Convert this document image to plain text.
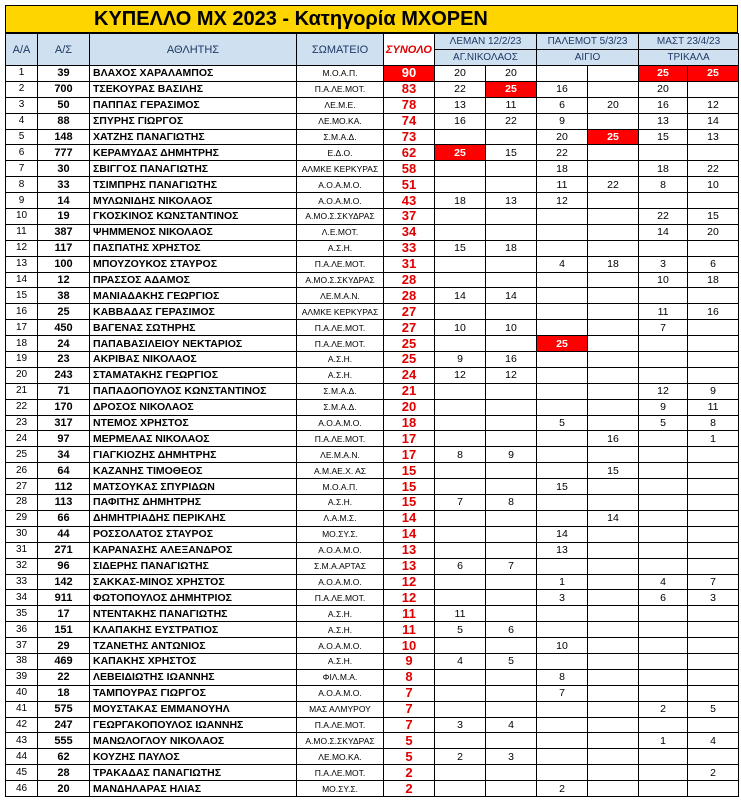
ΚΥΠΕΛΛΟ ΜΧ 2023 - Κατηγορία MXOPEN
Α/Α	Α/Σ	ΑΘΛΗΤΗΣ	ΣΩΜΑΤΕΙΟ	ΣΥΝΟΛΟ	ΛΕΜΑΝ 12/2/23		ΠΑΛΕΜΟΤ 5/3/23		ΜΑΣΤ 23/4/23	
					ΑΓ.ΝΙΚΟΛΑΟΣ		ΑΙΓΙΟ		ΤΡΙΚΑΛΑ	
1	39	ΒΛΑΧΟΣ ΧΑΡΑΛΑΜΠΟΣ	Μ.Ο.Α.Π.	90	20	20			25	25
2	700	ΤΣΕΚΟΥΡΑΣ ΒΑΣΙΛΗΣ	Π.Α.ΛΕ.ΜΟΤ.	83	22	25	16		20	
3	50	ΠΑΠΠΑΣ ΓΕΡΑΣΙΜΟΣ	ΛΕ.Μ.Ε.	78	13	11	6	20	16	12
4	88	ΣΠΥΡΗΣ ΓΙΩΡΓΟΣ	ΛΕ.ΜΟ.ΚΑ.	74	16	22	9		13	14
5	148	ΧΑΤΖΗΣ ΠΑΝΑΓΙΩΤΗΣ	Σ.Μ.Α.Δ.	73			20	25	15	13
6	777	ΚΕΡΑΜΥΔΑΣ ΔΗΜΗΤΡΗΣ	Ε.Δ.Ο.	62	25	15	22			
7	30	ΣΒΙΓΓΟΣ ΠΑΝΑΓΙΩΤΗΣ	ΑΛΜΚΕ ΚΕΡΚΥΡΑΣ	58			18		18	22
8	33	ΤΣΙΜΠΡΗΣ ΠΑΝΑΓΙΩΤΗΣ	Α.Ο.Α.Μ.Ο.	51			11	22	8	10
9	14	ΜΥΛΩΝΙΔΗΣ ΝΙΚΟΛΑΟΣ	Α.Ο.Α.Μ.Ο.	43	18	13	12			
10	19	ΓΚΟΣΚΙΝΟΣ ΚΩΝΣΤΑΝΤΙΝΟΣ	Α.ΜΟ.Σ.ΣΚΥΔΡΑΣ	37					22	15
11	387	ΨΗΜΜΕΝΟΣ ΝΙΚΟΛΑΟΣ	Λ.Ε.ΜΟΤ.	34					14	20
12	117	ΠΑΣΠΑΤΗΣ ΧΡΗΣΤΟΣ	Α.Σ.Η.	33	15	18				
13	100	ΜΠΟΥΖΟΥΚΟΣ ΣΤΑΥΡΟΣ	Π.Α.ΛΕ.ΜΟΤ.	31			4	18	3	6
14	12	ΠΡΑΣΣΟΣ ΑΔΑΜΟΣ	Α.ΜΟ.Σ.ΣΚΥΔΡΑΣ	28					10	18
15	38	ΜΑΝΙΑΔΑΚΗΣ ΓΕΩΡΓΙΟΣ	ΛΕ.Μ.Α.Ν.	28	14	14				
16	25	ΚΑΒΒΑΔΑΣ ΓΕΡΑΣΙΜΟΣ	ΑΛΜΚΕ ΚΕΡΚΥΡΑΣ	27					11	16
17	450	ΒΑΓΕΝΑΣ ΣΩΤΗΡΗΣ	Π.Α.ΛΕ.ΜΟΤ.	27	10	10			7	
18	24	ΠΑΠΑΒΑΣΙΛΕΙΟΥ ΝΕΚΤΑΡΙΟΣ	Π.Α.ΛΕ.ΜΟΤ.	25			25			
19	23	ΑΚΡΙΒΑΣ ΝΙΚΟΛΑΟΣ	Α.Σ.Η.	25	9	16				
20	243	ΣΤΑΜΑΤΑΚΗΣ ΓΕΩΡΓΙΟΣ	Α.Σ.Η.	24	12	12				
21	71	ΠΑΠΑΔΟΠΟΥΛΟΣ ΚΩΝΣΤΑΝΤΙΝΟΣ	Σ.Μ.Α.Δ.	21					12	9
22	170	ΔΡΟΣΟΣ ΝΙΚΟΛΑΟΣ	Σ.Μ.Α.Δ.	20					9	11
23	317	ΝΤΕΜΟΣ ΧΡΗΣΤΟΣ	Α.Ο.Α.Μ.Ο.	18			5		5	8
24	97	ΜΕΡΜΕΛΑΣ ΝΙΚΟΛΑΟΣ	Π.Α.ΛΕ.ΜΟΤ.	17				16		1
25	34	ΓΙΑΓΚΙΟΖΗΣ ΔΗΜΗΤΡΗΣ	ΛΕ.Μ.Α.Ν.	17	8	9				
26	64	ΚΑΖΑΝΗΣ ΤΙΜΟΘΕΟΣ	Α.Μ.ΑΕ.Χ. ΑΣ	15				15		
27	112	ΜΑΤΣΟΥΚΑΣ ΣΠΥΡΙΔΩΝ	Μ.Ο.Α.Π.	15			15			
28	113	ΠΑΦΙΤΗΣ ΔΗΜΗΤΡΗΣ	Α.Σ.Η.	15	7	8				
29	66	ΔΗΜΗΤΡΙΑΔΗΣ ΠΕΡΙΚΛΗΣ	Λ.Α.Μ.Σ.	14				14		
30	44	ΡΟΣΣΟΛΑΤΟΣ ΣΤΑΥΡΟΣ	ΜΟ.ΣΥ.Σ.	14			14			
31	271	ΚΑΡΑΝΑΣΗΣ ΑΛΕΞΑΝΔΡΟΣ	Α.Ο.Α.Μ.Ο.	13			13			
32	96	ΣΙΔΕΡΗΣ ΠΑΝΑΓΙΩΤΗΣ	Σ.Μ.Α.ΑΡΤΑΣ	13	6	7				
33	142	ΣΑΚΚΑΣ-ΜΙΝΟΣ ΧΡΗΣΤΟΣ	Α.Ο.Α.Μ.Ο.	12			1		4	7
34	911	ΦΩΤΟΠΟΥΛΟΣ ΔΗΜΗΤΡΙΟΣ	Π.Α.ΛΕ.ΜΟΤ.	12			3		6	3
35	17	ΝΤΕΝΤΑΚΗΣ ΠΑΝΑΓΙΩΤΗΣ	Α.Σ.Η.	11	11					
36	151	ΚΛΑΠΑΚΗΣ ΕΥΣΤΡΑΤΙΟΣ	Α.Σ.Η.	11	5	6				
37	29	ΤΖΑΝΕΤΗΣ ΑΝΤΩΝΙΟΣ	Α.Ο.Α.Μ.Ο.	10			10			
38	469	ΚΑΠΑΚΗΣ ΧΡΗΣΤΟΣ	Α.Σ.Η.	9	4	5				
39	22	ΛΕΒΕΙΔΙΩΤΗΣ ΙΩΑΝΝΗΣ	ΦΙΛ.Μ.Α.	8			8			
40	18	ΤΑΜΠΟΥΡΑΣ ΓΙΩΡΓΟΣ	Α.Ο.Α.Μ.Ο.	7			7			
41	575	ΜΟΥΣΤΑΚΑΣ ΕΜΜΑΝΟΥΗΛ	ΜΑΣ ΑΛΜΥΡΟΥ	7					2	5
42	247	ΓΕΩΡΓΑΚΟΠΟΥΛΟΣ ΙΩΑΝΝΗΣ	Π.Α.ΛΕ.ΜΟΤ.	7	3	4				
43	555	ΜΑΝΩΛΟΓΛΟΥ ΝΙΚΟΛΑΟΣ	Α.ΜΟ.Σ.ΣΚΥΔΡΑΣ	5					1	4
44	62	ΚΟΥΖΗΣ ΠΑΥΛΟΣ	ΛΕ.ΜΟ.ΚΑ.	5	2	3				
45	28	ΤΡΑΚΑΔΑΣ ΠΑΝΑΓΙΩΤΗΣ	Π.Α.ΛΕ.ΜΟΤ.	2						2
46	20	ΜΑΝΔΗΛΑΡΑΣ ΗΛΙΑΣ	ΜΟ.ΣΥ.Σ.	2			2			
